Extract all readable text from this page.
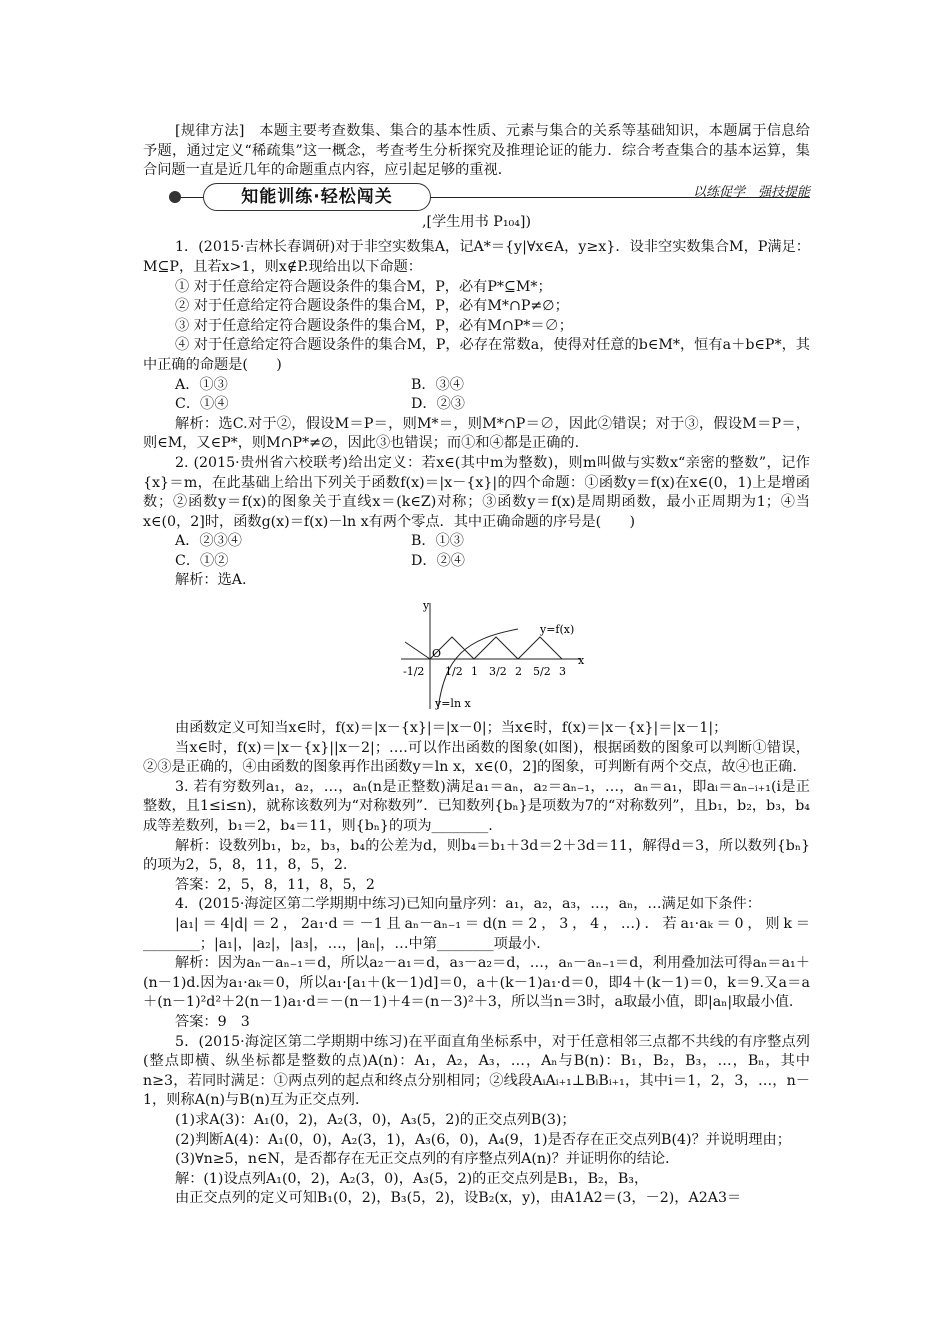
[规律方法]　本题主要考查数集、集合的基本性质、元素与集合的关系等基础知识，本题属于信息给予题，通过定义“稀疏集”这一概念，考查考生分析探究及推理论证的能力．综合考查集合的基本运算，集合问题一直是近几年的命题重点内容，应引起足够的重视．

知能训练·轻松闯关	以练促学　强技提能

,[学生用书 P₁₀₄])

1．(2015·吉林长春调研)对于非空实数集A，记A*＝{y|∀x∈A，y≥x}．设非空实数集合M，P满足：M⊆P，且若x>1，则x∉P.现给出以下命题：

① 对于任意给定符合题设条件的集合M，P，必有P*⊆M*；

② 对于任意给定符合题设条件的集合M，P，必有M*∩P≠∅；

③ 对于任意给定符合题设条件的集合M，P，必有M∩P*＝∅；

④ 对于任意给定符合题设条件的集合M，P，必存在常数a，使得对任意的b∈M*，恒有a＋b∈P*，其中正确的命题是(　　)

A．①③	B．③④
C．①④	D．②③

解析：选C.对于②，假设M＝P＝，则M*＝，则M*∩P＝∅，因此②错误；对于③，假设M＝P＝，则∈M，又∈P*，则M∩P*≠∅，因此③也错误；而①和④都是正确的.

2. (2015·贵州省六校联考)给出定义：若x∈(其中m为整数)，则m叫做与实数x“亲密的整数”，记作{x}＝m，在此基础上给出下列关于函数f(x)＝|x－{x}|的四个命题：①函数y＝f(x)在x∈(0，1)上是增函数；②函数y＝f(x)的图象关于直线x＝(k∈Z)对称；③函数y＝f(x)是周期函数，最小正周期为1；④当x∈(0，2]时，函数g(x)＝f(x)－ln x有两个零点．其中正确命题的序号是(　　)

A．②③④	B．①③
C．①②	D．②④

解析：选A.

y
x
O
y=f(x)
y=ln x
-1/2 1/2 1 3/2 2 5/2 3

由函数定义可知当x∈时，f(x)＝|x－{x}|＝|x－0|；当x∈时，f(x)＝|x－{x}|＝|x－1|；

当x∈时，f(x)＝|x－{x}||x－2|；….可以作出函数的图象(如图)，根据函数的图象可以判断①错误，②③是正确的，④由函数的图象再作出函数y＝ln x，x∈(0，2]的图象，可判断有两个交点，故④也正确.

3. 若有穷数列a₁，a₂，…，aₙ(n是正整数)满足a₁＝aₙ，a₂＝aₙ₋₁，…，aₙ＝a₁，即aᵢ＝aₙ₋ᵢ₊₁(i是正整数，且1≤i≤n)，就称该数列为“对称数列”．已知数列{bₙ}是项数为7的“对称数列”，且b₁，b₂，b₃，b₄成等差数列，b₁＝2，b₄＝11，则{bₙ}的项为________.

解析：设数列b₁，b₂，b₃，b₄的公差为d，则b₄＝b₁＋3d＝2＋3d＝11，解得d＝3，所以数列{bₙ}的项为2，5，8，11，8，5，2.

答案：2，5，8，11，8，5，2

4．(2015·海淀区第二学期期中练习)已知向量序列：a₁，a₂，a₃，…，aₙ，…满足如下条件：

|a₁|＝4|d|＝2，2a₁·d＝－1且aₙ－aₙ₋₁＝d(n＝2，3，4，…)．若a₁·aₖ＝0，则k＝________；|a₁|，|a₂|，|a₃|，…，|aₙ|，…中第________项最小．

解析：因为aₙ－aₙ₋₁＝d，所以a₂－a₁＝d，a₃－a₂＝d，…，aₙ－aₙ₋₁＝d，利用叠加法可得aₙ＝a₁＋(n－1)d.因为a₁·aₖ＝0，所以a₁·[a₁＋(k－1)d]＝0，a＋(k－1)a₁·d＝0，即4＋(k－1)＝0，k＝9.又a＝a＋(n－1)²d²＋2(n－1)a₁·d＝－(n－1)＋4＝(n－3)²＋3，所以当n＝3时，a取最小值，即|aₙ|取最小值.

答案：9　3

5．(2015·海淀区第二学期期中练习)在平面直角坐标系中，对于任意相邻三点都不共线的有序整点列(整点即横、纵坐标都是整数的点)A(n)：A₁，A₂，A₃，…，Aₙ与B(n)：B₁，B₂，B₃，…，Bₙ，其中n≥3，若同时满足：①两点列的起点和终点分别相同；②线段AᵢAᵢ₊₁⊥BᵢBᵢ₊₁，其中i＝1，2，3，…，n－1，则称A(n)与B(n)互为正交点列．

(1)求A(3)：A₁(0，2)，A₂(3，0)，A₃(5，2)的正交点列B(3)；

(2)判断A(4)：A₁(0，0)，A₂(3，1)，A₃(6，0)，A₄(9，1)是否存在正交点列B(4)？并说明理由；

(3)∀n≥5，n∈N，是否都存在无正交点列的有序整点列A(n)？并证明你的结论．

解：(1)设点列A₁(0，2)，A₂(3，0)，A₃(5，2)的正交点列是B₁，B₂，B₃，

由正交点列的定义可知B₁(0，2)，B₃(5，2)，设B₂(x，y)，由A1A2＝(3，－2)，A2A3＝
